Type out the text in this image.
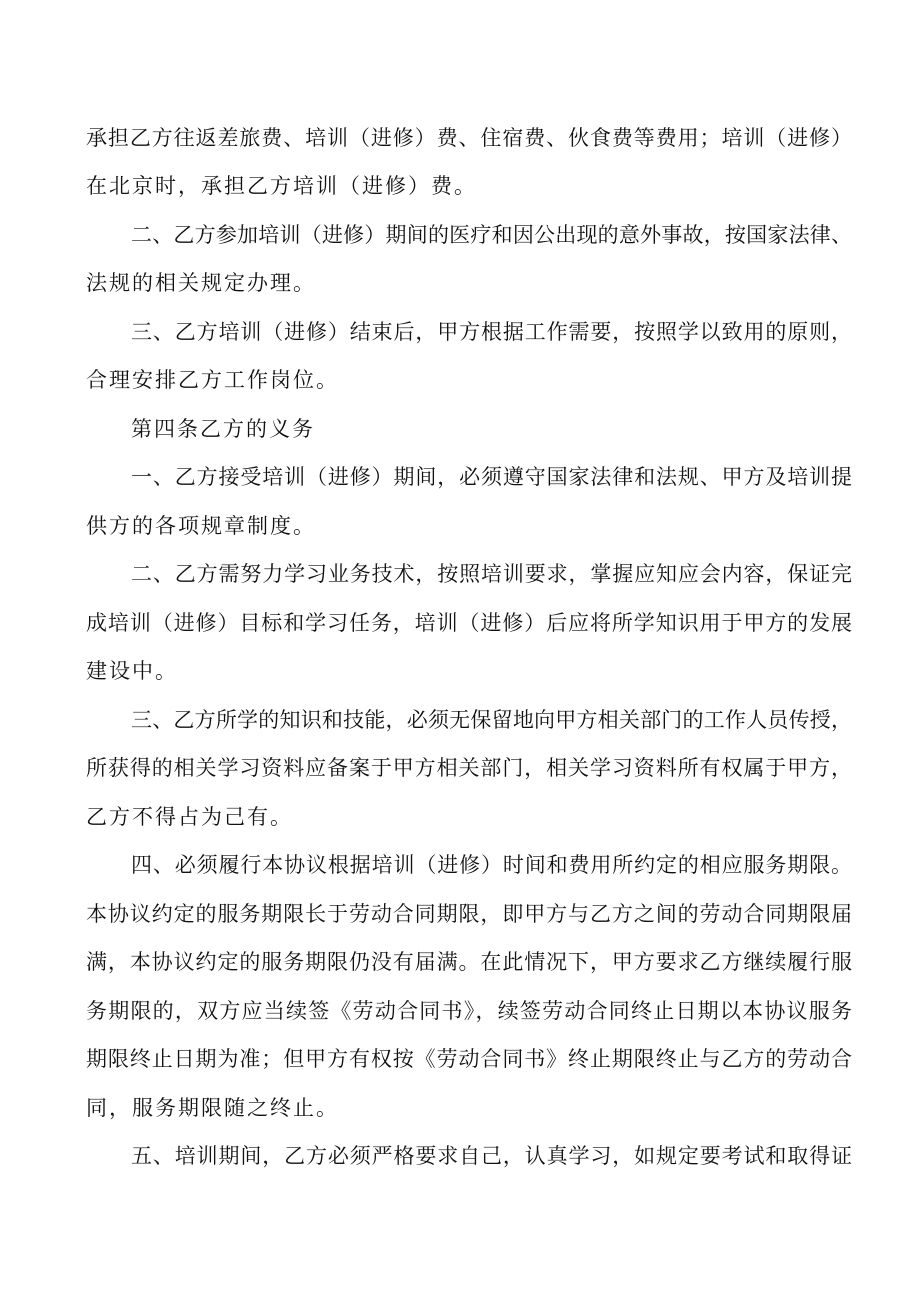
承担乙方往返差旅费、培训（进修）费、住宿费、伙食费等费用；培训（进修）
在北京时，承担乙方培训（进修）费。
二、乙方参加培训（进修）期间的医疗和因公出现的意外事故，按国家法律、
法规的相关规定办理。
三、乙方培训（进修）结束后，甲方根据工作需要，按照学以致用的原则，
合理安排乙方工作岗位。
第四条乙方的义务
一、乙方接受培训（进修）期间，必须遵守国家法律和法规、甲方及培训提
供方的各项规章制度。
二、乙方需努力学习业务技术，按照培训要求，掌握应知应会内容，保证完
成培训（进修）目标和学习任务，培训（进修）后应将所学知识用于甲方的发展
建设中。
三、乙方所学的知识和技能，必须无保留地向甲方相关部门的工作人员传授，
所获得的相关学习资料应备案于甲方相关部门，相关学习资料所有权属于甲方，
乙方不得占为己有。
四、必须履行本协议根据培训（进修）时间和费用所约定的相应服务期限。
本协议约定的服务期限长于劳动合同期限，即甲方与乙方之间的劳动合同期限届
满，本协议约定的服务期限仍没有届满。在此情况下，甲方要求乙方继续履行服
务期限的，双方应当续签《劳动合同书》，续签劳动合同终止日期以本协议服务
期限终止日期为准；但甲方有权按《劳动合同书》终止期限终止与乙方的劳动合
同，服务期限随之终止。
五、培训期间，乙方必须严格要求自己，认真学习，如规定要考试和取得证
